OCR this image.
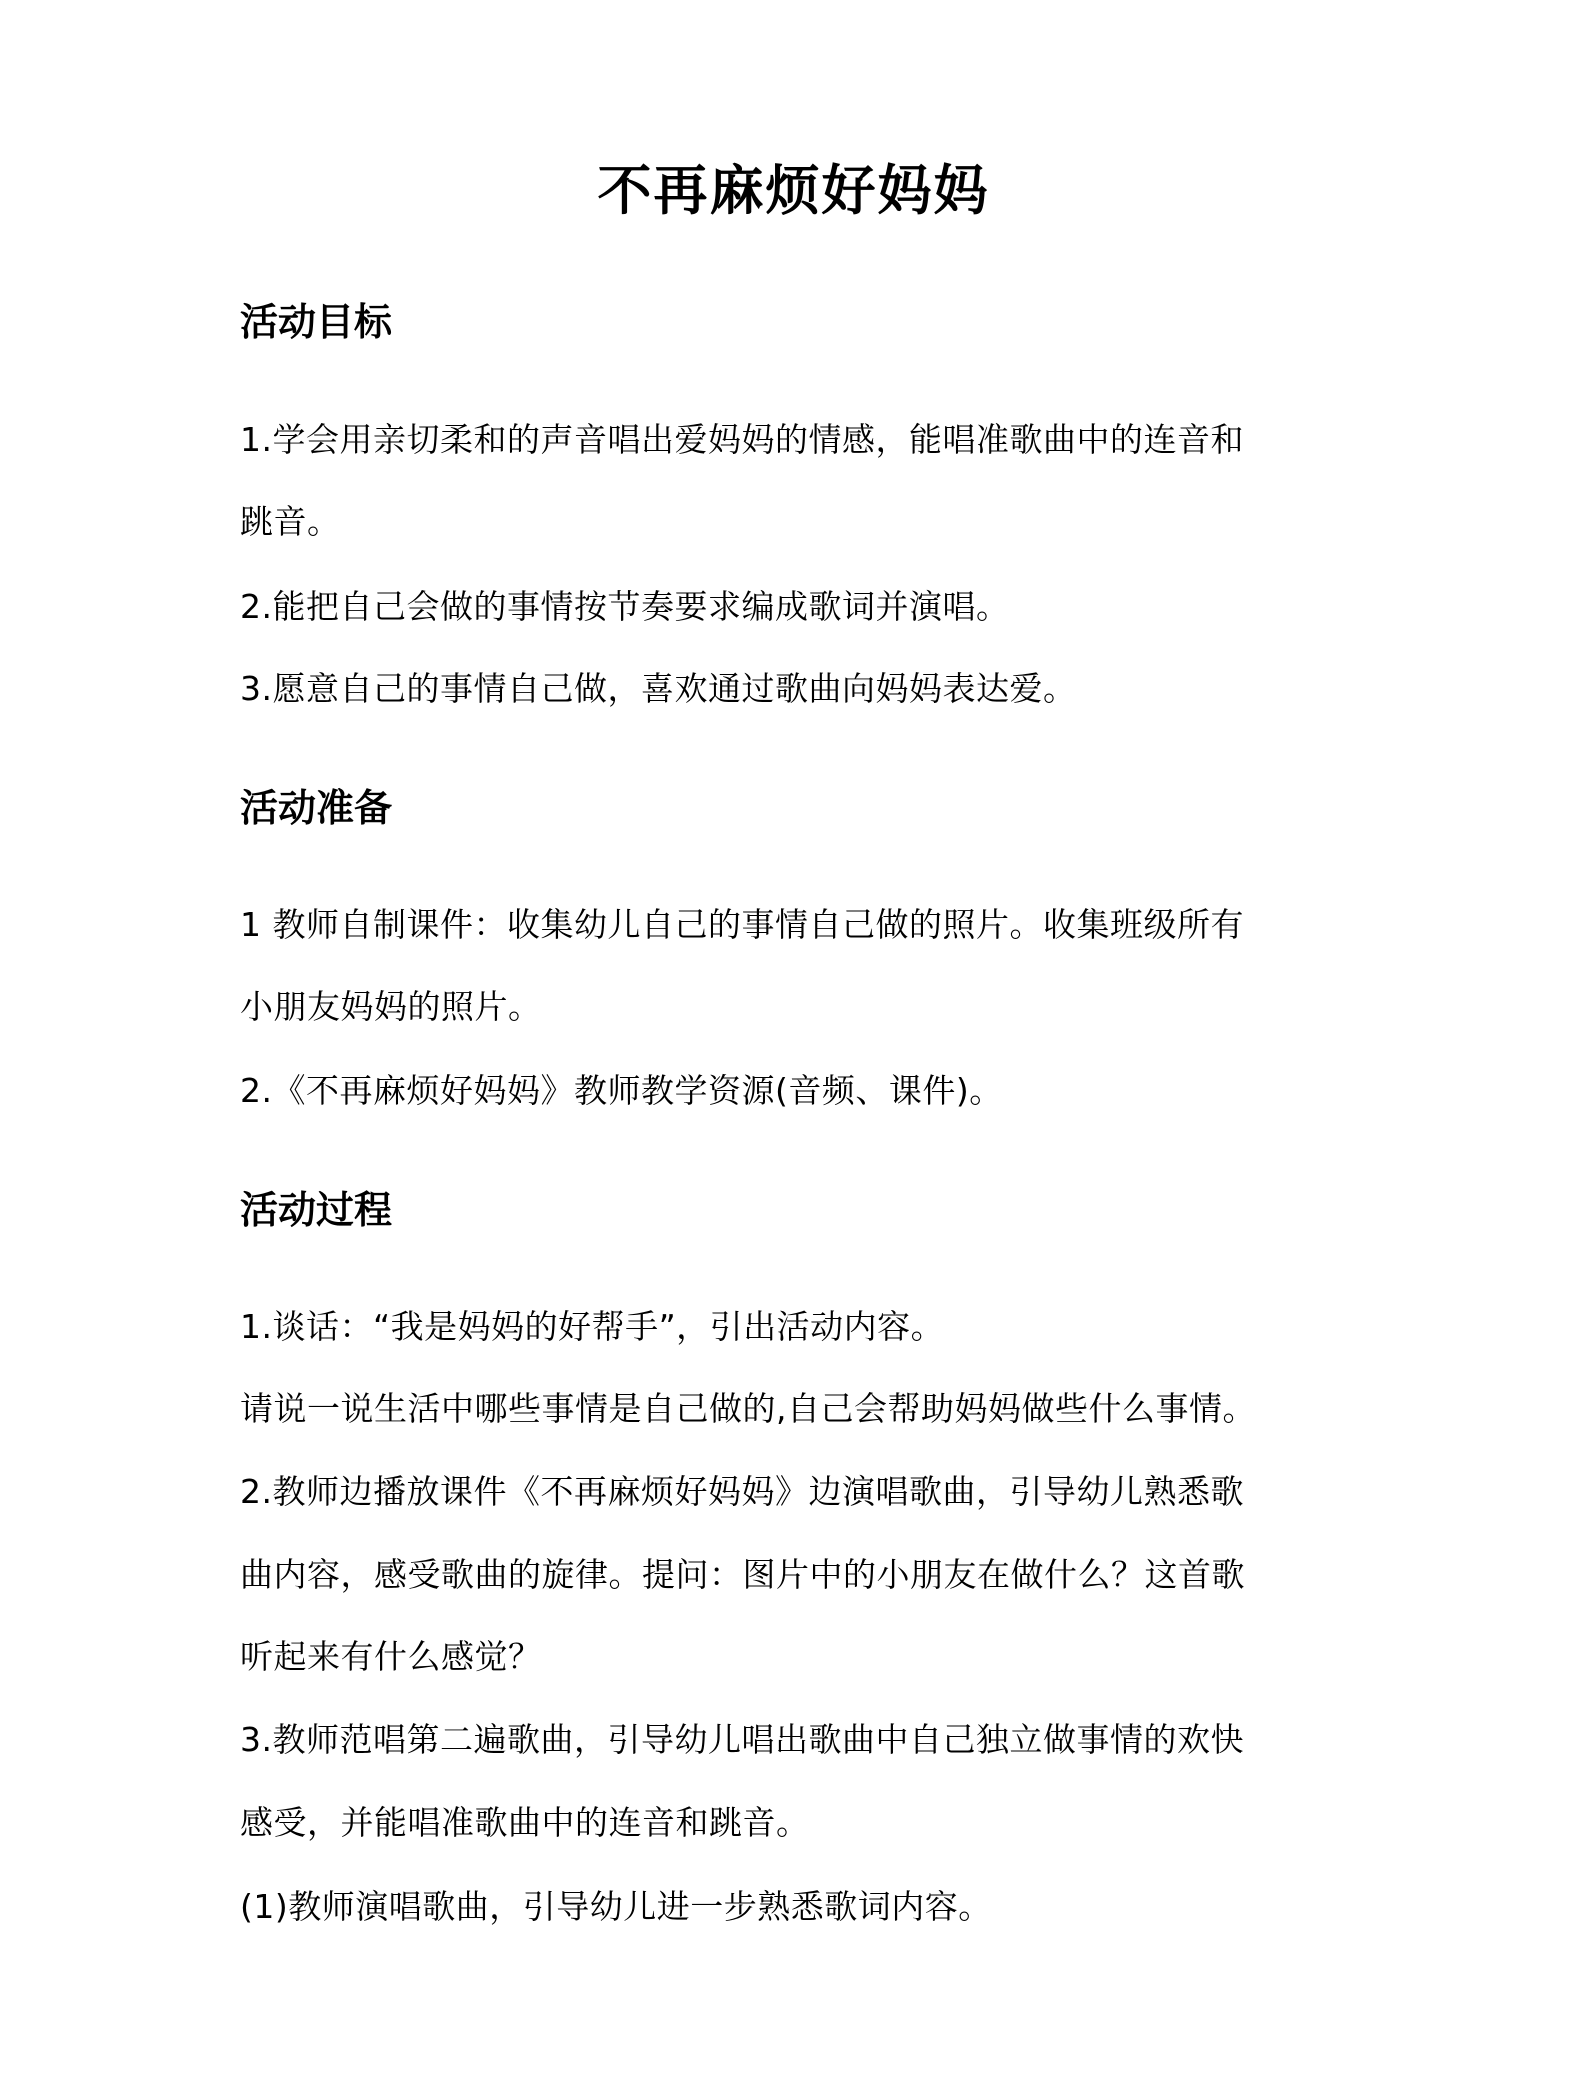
不再麻烦好妈妈
活动目标
1.学会用亲切柔和的声音唱出爱妈妈的情感，能唱准歌曲中的连音和
跳音。
2.能把自己会做的事情按节奏要求编成歌词并演唱。
3.愿意自己的事情自己做，喜欢通过歌曲向妈妈表达爱。
活动准备
1 教师自制课件：收集幼儿自己的事情自己做的照片。收集班级所有
小朋友妈妈的照片。
2.《不再麻烦好妈妈》教师教学资源(音频、课件)。
活动过程
1.谈话：“我是妈妈的好帮手”，引出活动内容。
请说一说生活中哪些事情是自己做的,自己会帮助妈妈做些什么事情。
2.教师边播放课件《不再麻烦好妈妈》边演唱歌曲，引导幼儿熟悉歌
曲内容，感受歌曲的旋律。提问：图片中的小朋友在做什么？这首歌
听起来有什么感觉？
3.教师范唱第二遍歌曲，引导幼儿唱出歌曲中自己独立做事情的欢快
感受，并能唱准歌曲中的连音和跳音。
(1)教师演唱歌曲，引导幼儿进一步熟悉歌词内容。
